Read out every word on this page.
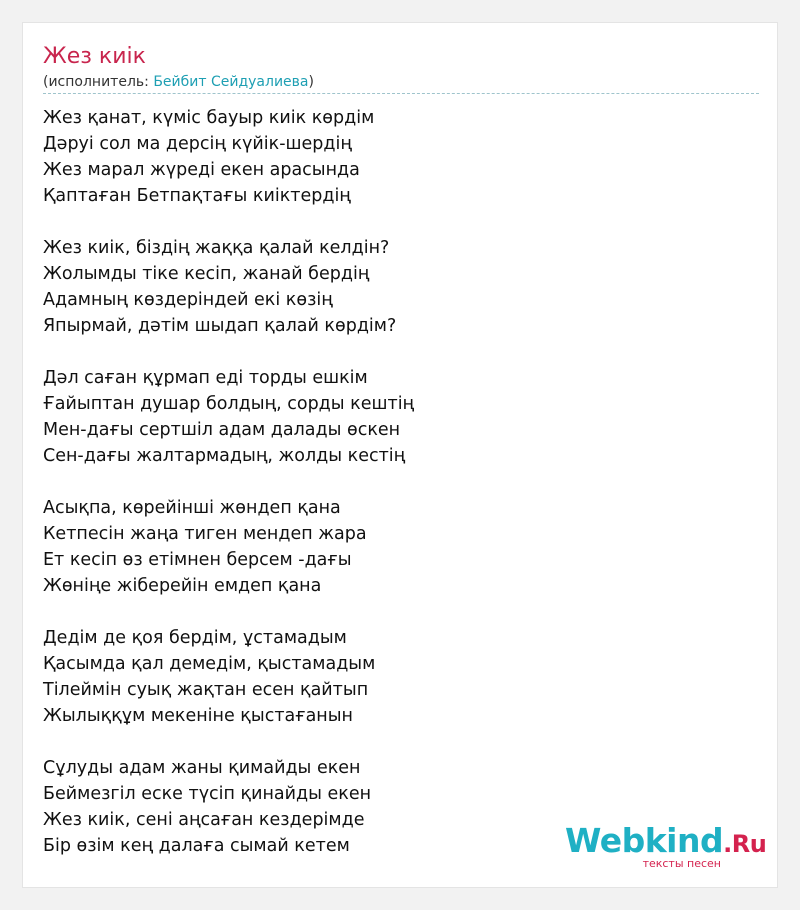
Жез киік
(исполнитель: Бейбит Сейдуалиева)
Жез қанат, күміс бауыр киік көрдім
Дәруі сол ма дерсің күйік-шердің
Жез марал жүреді екен арасында
Қаптаған Бетпақтағы киіктердің
Жез киік, біздің жаққа қалай келдін?
Жолымды тіке кесіп, жанай бердің
Адамның көздеріндей екі көзің
Япырмай, дәтім шыдап қалай көрдім?
Дәл саған құрмап еді торды ешкім
Ғайыптан душар болдың, сорды кештің
Мен-дағы сертшіл адам далады өскен
Сен-дағы жалтармадың, жолды кестің
Асықпа, көрейінші жөндеп қана
Кетпесін жаңа тиген мендеп жара
Ет кесіп өз етімнен берсем -дағы
Жөніңе жіберейін емдеп қана
Дедім де қоя бердім, ұстамадым
Қасымда қал демедім, қыстамадым
Тілеймін суық жақтан есен қайтып
Жылыққұм мекеніне қыстағанын
Сұлуды адам жаны қимайды екен
Беймезгіл еске түсіп қинайды екен
Жез киік, сені аңсаған кездерімде
Бір өзім кең далаға сымай кетем	Webkind.Ru
тексты песен
